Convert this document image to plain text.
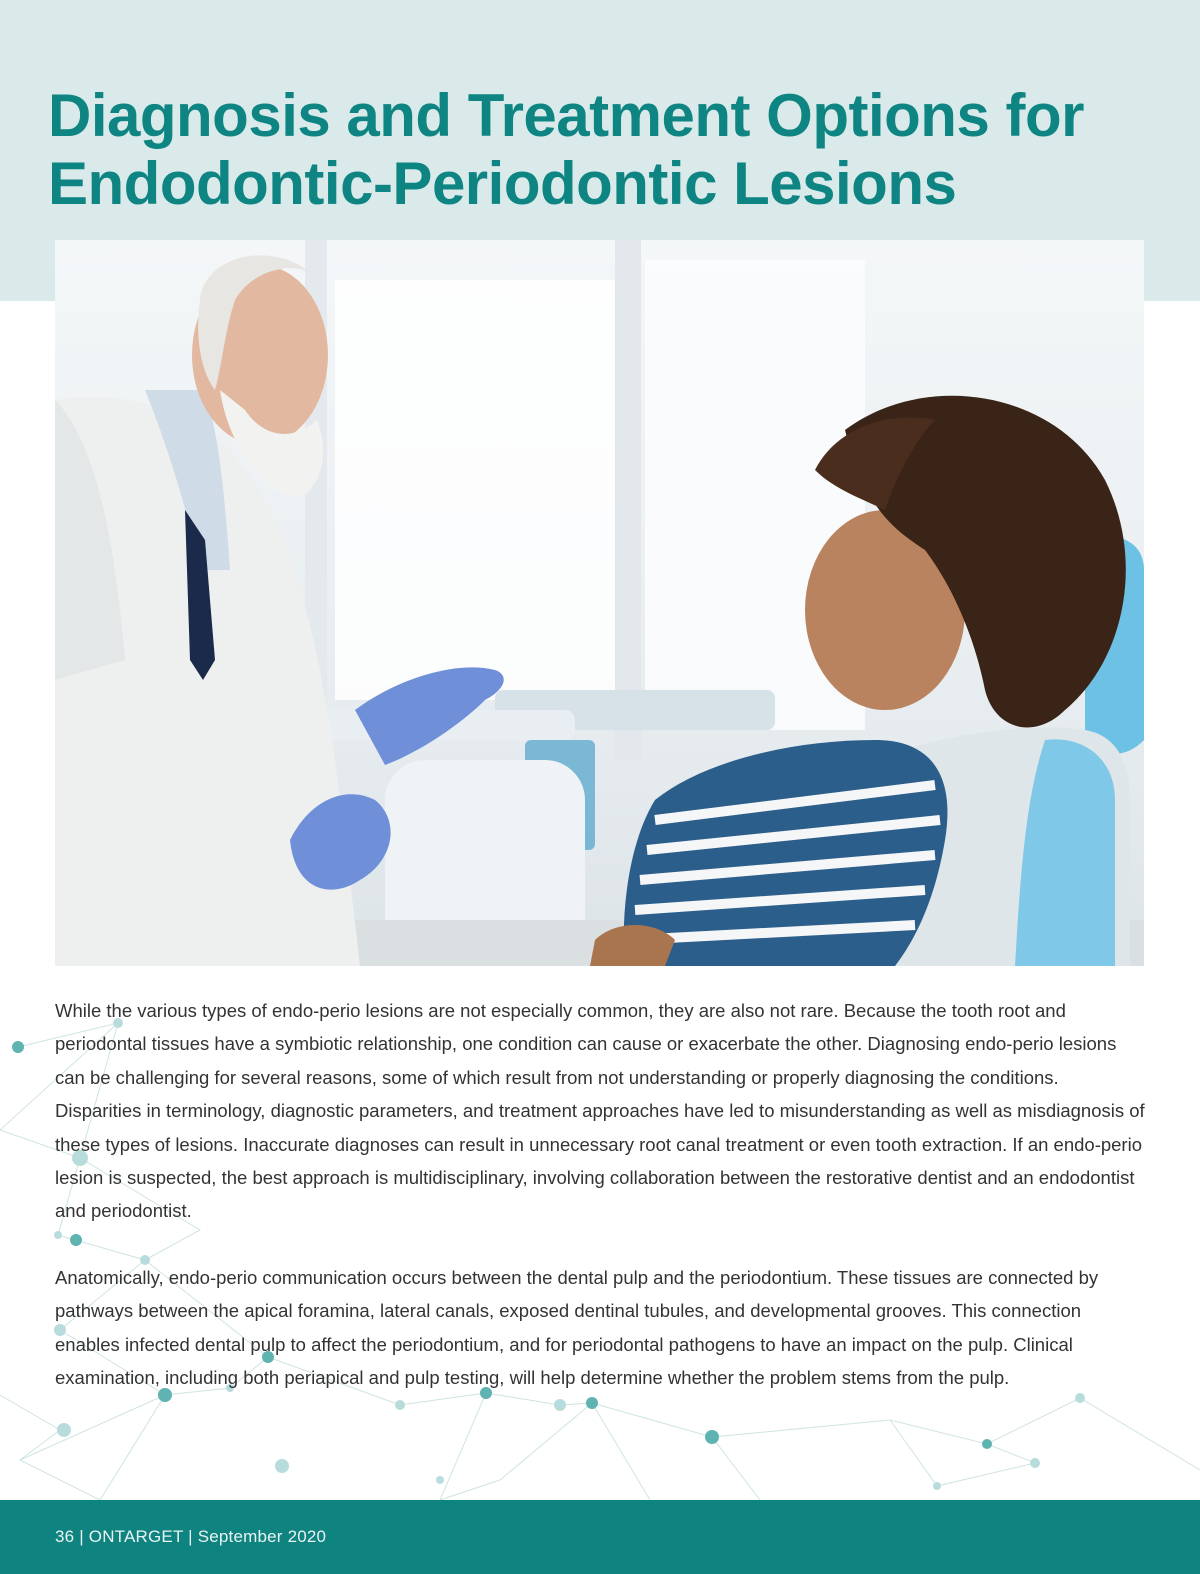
Diagnosis and Treatment Options for Endodontic-Periodontic Lesions

While the various types of endo-perio lesions are not especially common, they are also not rare. Because the tooth root and periodontal tissues have a symbiotic relationship, one condition can cause or exacerbate the other. Diagnosing endo-perio lesions can be challenging for several reasons, some of which result from not understanding or properly diagnosing the conditions. Disparities in terminology, diagnostic parameters, and treatment approaches have led to misunderstanding as well as misdiagnosis of these types of lesions. Inaccurate diagnoses can result in unnecessary root canal treatment or even tooth extraction. If an endo-perio lesion is suspected, the best approach is multidisciplinary, involving collaboration between the restorative dentist and an endodontist and periodontist.

Anatomically, endo-perio communication occurs between the dental pulp and the periodontium. These tissues are connected by pathways between the apical foramina, lateral canals, exposed dentinal tubules, and developmental grooves. This connection enables infected dental pulp to affect the periodontium, and for periodontal pathogens to have an impact on the pulp. Clinical examination, including both periapical and pulp testing, will help determine whether the problem stems from the pulp.

36 | ONTARGET | September 2020
